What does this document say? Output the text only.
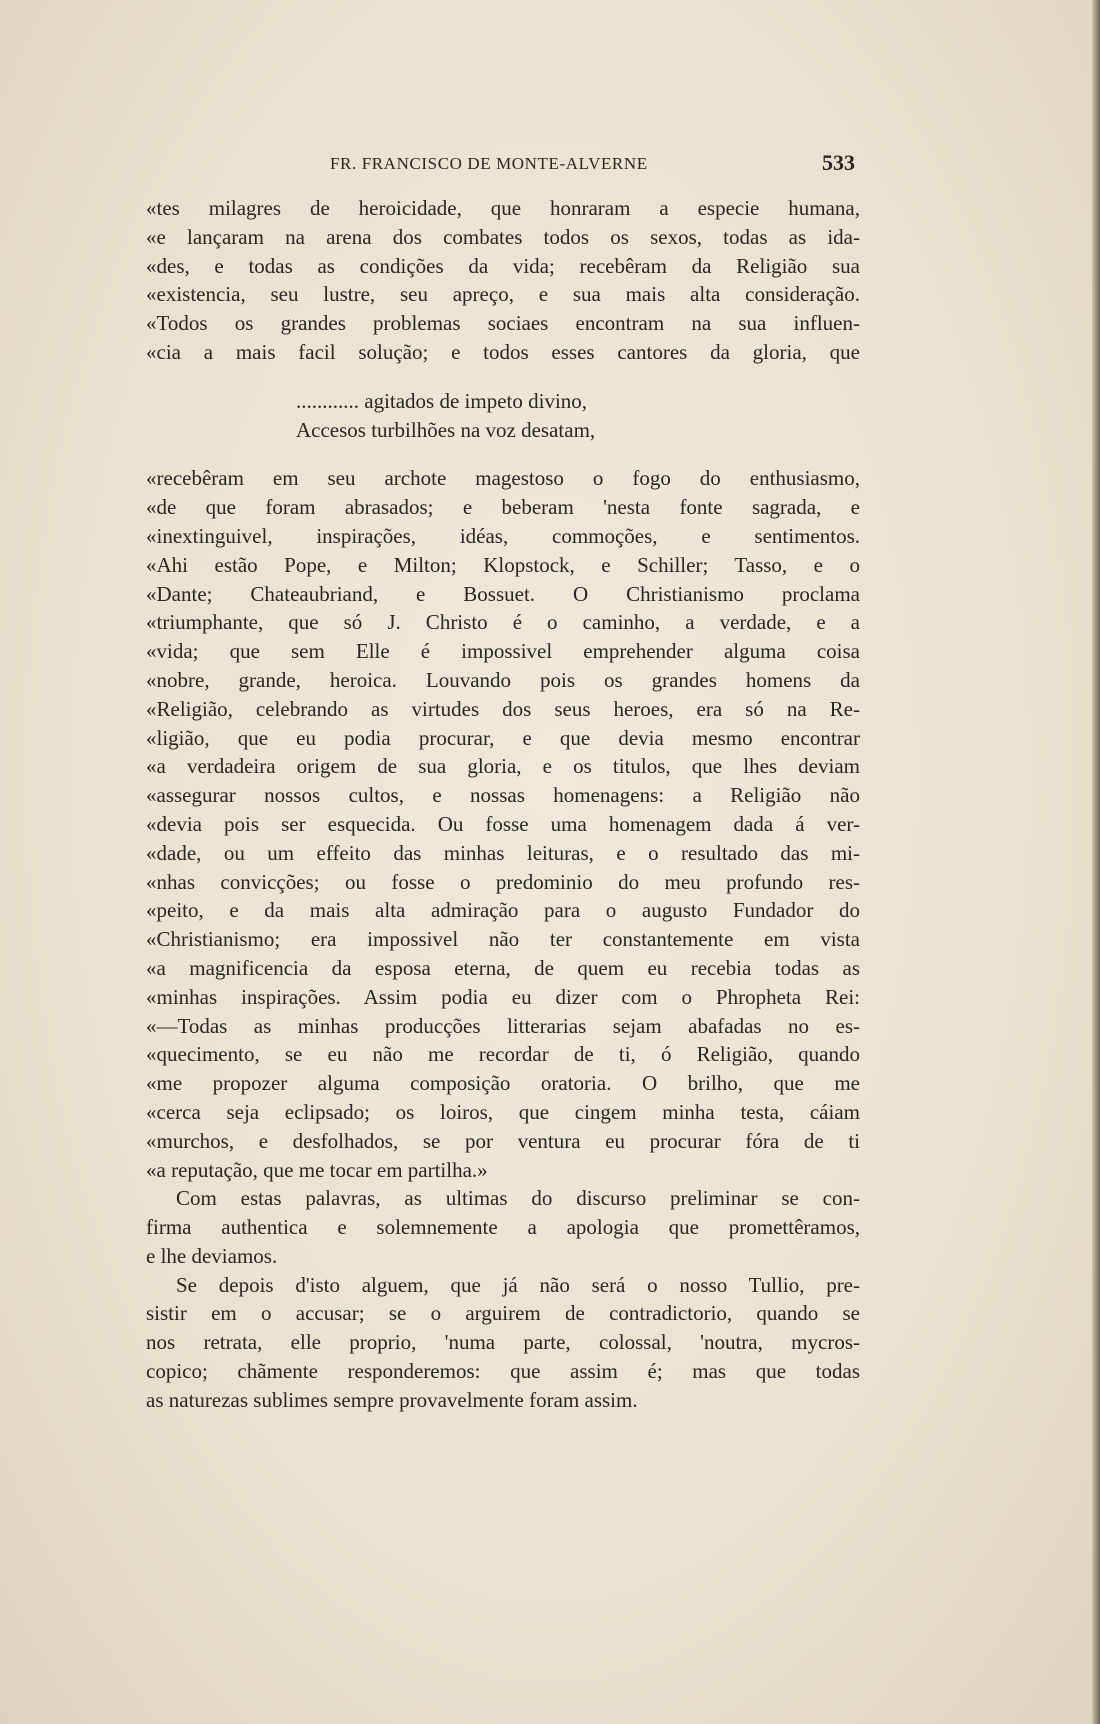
FR. FRANCISCO DE MONTE-ALVERNE	533
«tes milagres de heroicidade, que honraram a especie humana,
«e lançaram na arena dos combates todos os sexos, todas as ida-
«des, e todas as condições da vida; recebêram da Religião sua
«existencia, seu lustre, seu apreço, e sua mais alta consideração.
«Todos os grandes problemas sociaes encontram na sua influen-
«cia a mais facil solução; e todos esses cantores da gloria, que
............ agitados de impeto divino,
Accesos turbilhões na voz desatam,
«recebêram em seu archote magestoso o fogo do enthusiasmo,
«de que foram abrasados; e beberam 'nesta fonte sagrada, e
«inextinguivel, inspirações, idéas, commoções, e sentimentos.
«Ahi estão Pope, e Milton; Klopstock, e Schiller; Tasso, e o
«Dante; Chateaubriand, e Bossuet. O Christianismo proclama
«triumphante, que só J. Christo é o caminho, a verdade, e a
«vida; que sem Elle é impossivel emprehender alguma coisa
«nobre, grande, heroica. Louvando pois os grandes homens da
«Religião, celebrando as virtudes dos seus heroes, era só na Re-
«ligião, que eu podia procurar, e que devia mesmo encontrar
«a verdadeira origem de sua gloria, e os titulos, que lhes deviam
«assegurar nossos cultos, e nossas homenagens: a Religião não
«devia pois ser esquecida. Ou fosse uma homenagem dada á ver-
«dade, ou um effeito das minhas leituras, e o resultado das mi-
«nhas convicções; ou fosse o predominio do meu profundo res-
«peito, e da mais alta admiração para o augusto Fundador do
«Christianismo; era impossivel não ter constantemente em vista
«a magnificencia da esposa eterna, de quem eu recebia todas as
«minhas inspirações. Assim podia eu dizer com o Phropheta Rei:
«—Todas as minhas producções litterarias sejam abafadas no es-
«quecimento, se eu não me recordar de ti, ó Religião, quando
«me propozer alguma composição oratoria. O brilho, que me
«cerca seja eclipsado; os loiros, que cingem minha testa, cáiam
«murchos, e desfolhados, se por ventura eu procurar fóra de ti
«a reputação, que me tocar em partilha.»
Com estas palavras, as ultimas do discurso preliminar se con-
firma authentica e solemnemente a apologia que promettêramos,
e lhe deviamos.
Se depois d'isto alguem, que já não será o nosso Tullio, pre-
sistir em o accusar; se o arguirem de contradictorio, quando se
nos retrata, elle proprio, 'numa parte, colossal, 'noutra, mycros-
copico; chãmente responderemos: que assim é; mas que todas
as naturezas sublimes sempre provavelmente foram assim.
